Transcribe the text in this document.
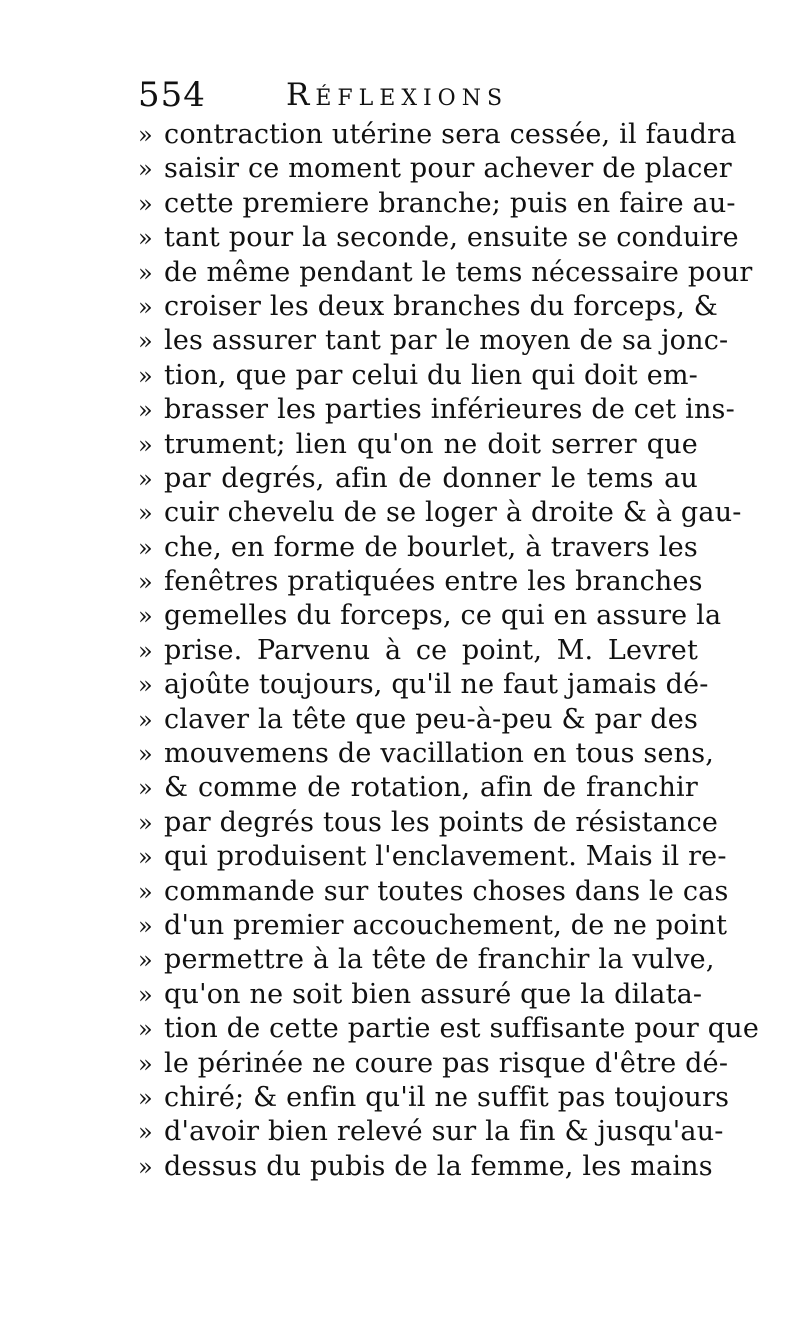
554	Réflexions
» contraction utérine sera cessée, il faudra
» saisir ce moment pour achever de placer
» cette premiere branche; puis en faire au-
» tant pour la seconde, ensuite se conduire
» de même pendant le tems nécessaire pour
» croiser les deux branches du forceps, &
» les assurer tant par le moyen de sa jonc-
» tion, que par celui du lien qui doit em-
» brasser les parties inférieures de cet ins-
» trument; lien qu'on ne doit serrer que
» par degrés, afin de donner le tems au
» cuir chevelu de se loger à droite & à gau-
» che, en forme de bourlet, à travers les
» fenêtres pratiquées entre les branches
» gemelles du forceps, ce qui en assure la
» prise. Parvenu à ce point, M. Levret
» ajoûte toujours, qu'il ne faut jamais dé-
» claver la tête que peu-à-peu & par des
» mouvemens de vacillation en tous sens,
» & comme de rotation, afin de franchir
» par degrés tous les points de résistance
» qui produisent l'enclavement. Mais il re-
» commande sur toutes choses dans le cas
» d'un premier accouchement, de ne point
» permettre à la tête de franchir la vulve,
» qu'on ne soit bien assuré que la dilata-
» tion de cette partie est suffisante pour que
» le périnée ne coure pas risque d'être dé-
» chiré; & enfin qu'il ne suffit pas toujours
» d'avoir bien relevé sur la fin & jusqu'au-
» dessus du pubis de la femme, les mains
